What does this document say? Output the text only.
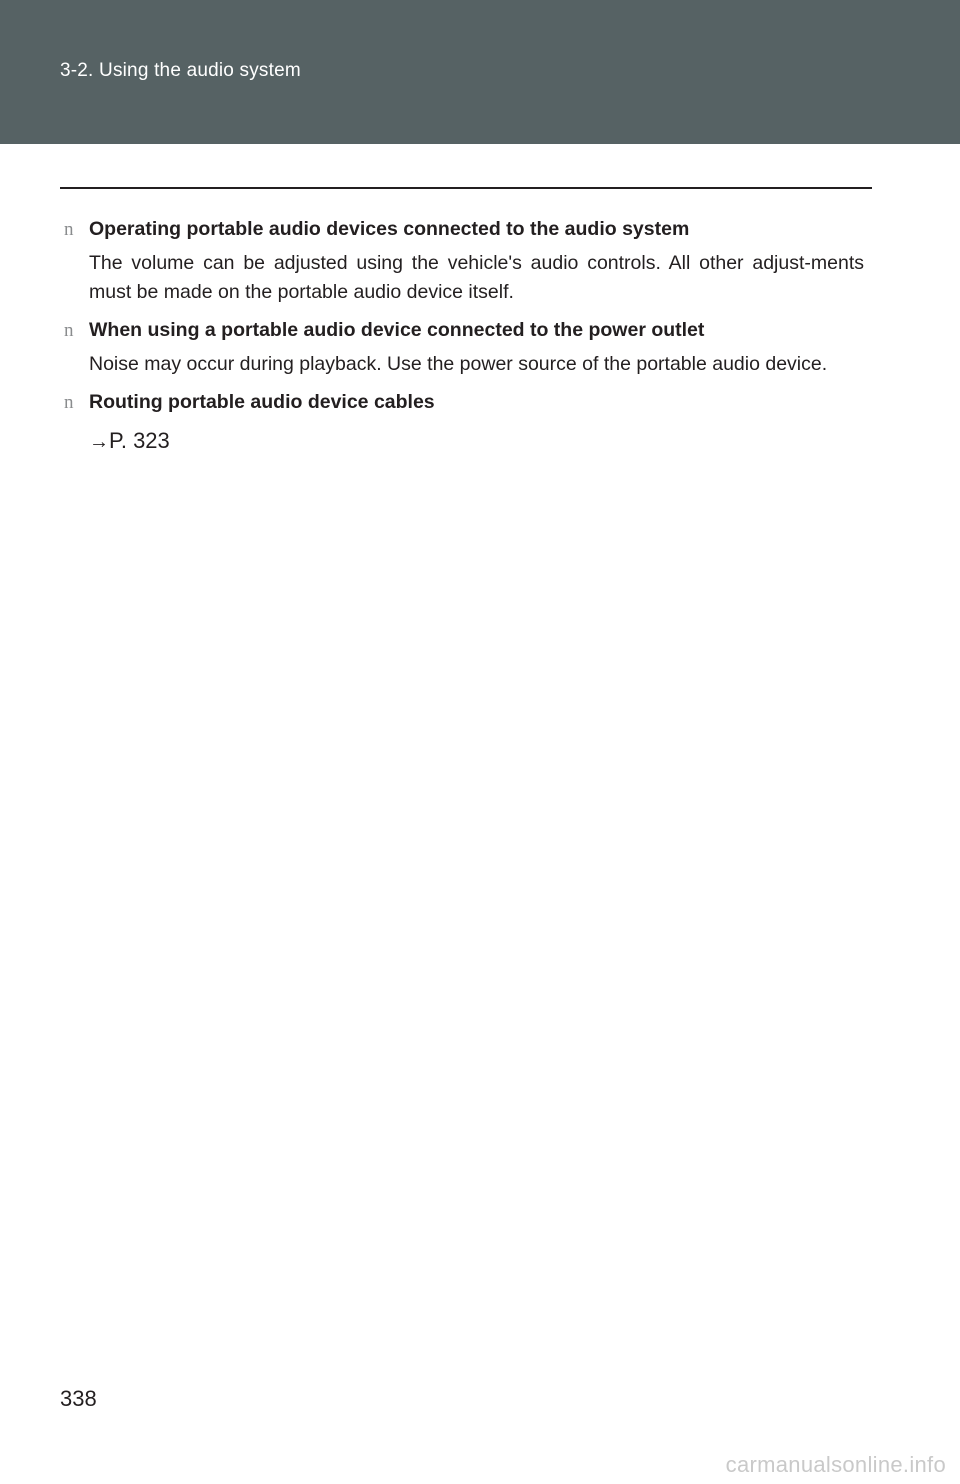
3-2. Using the audio system
n Operating portable audio devices connected to the audio system
The volume can be adjusted using the vehicle's audio controls. All other adjust-ments must be made on the portable audio device itself.
n When using a portable audio device connected to the power outlet
Noise may occur during playback. Use the power source of the portable audio device.
n Routing portable audio device cables
→P. 323
338
carmanualsonline.info
